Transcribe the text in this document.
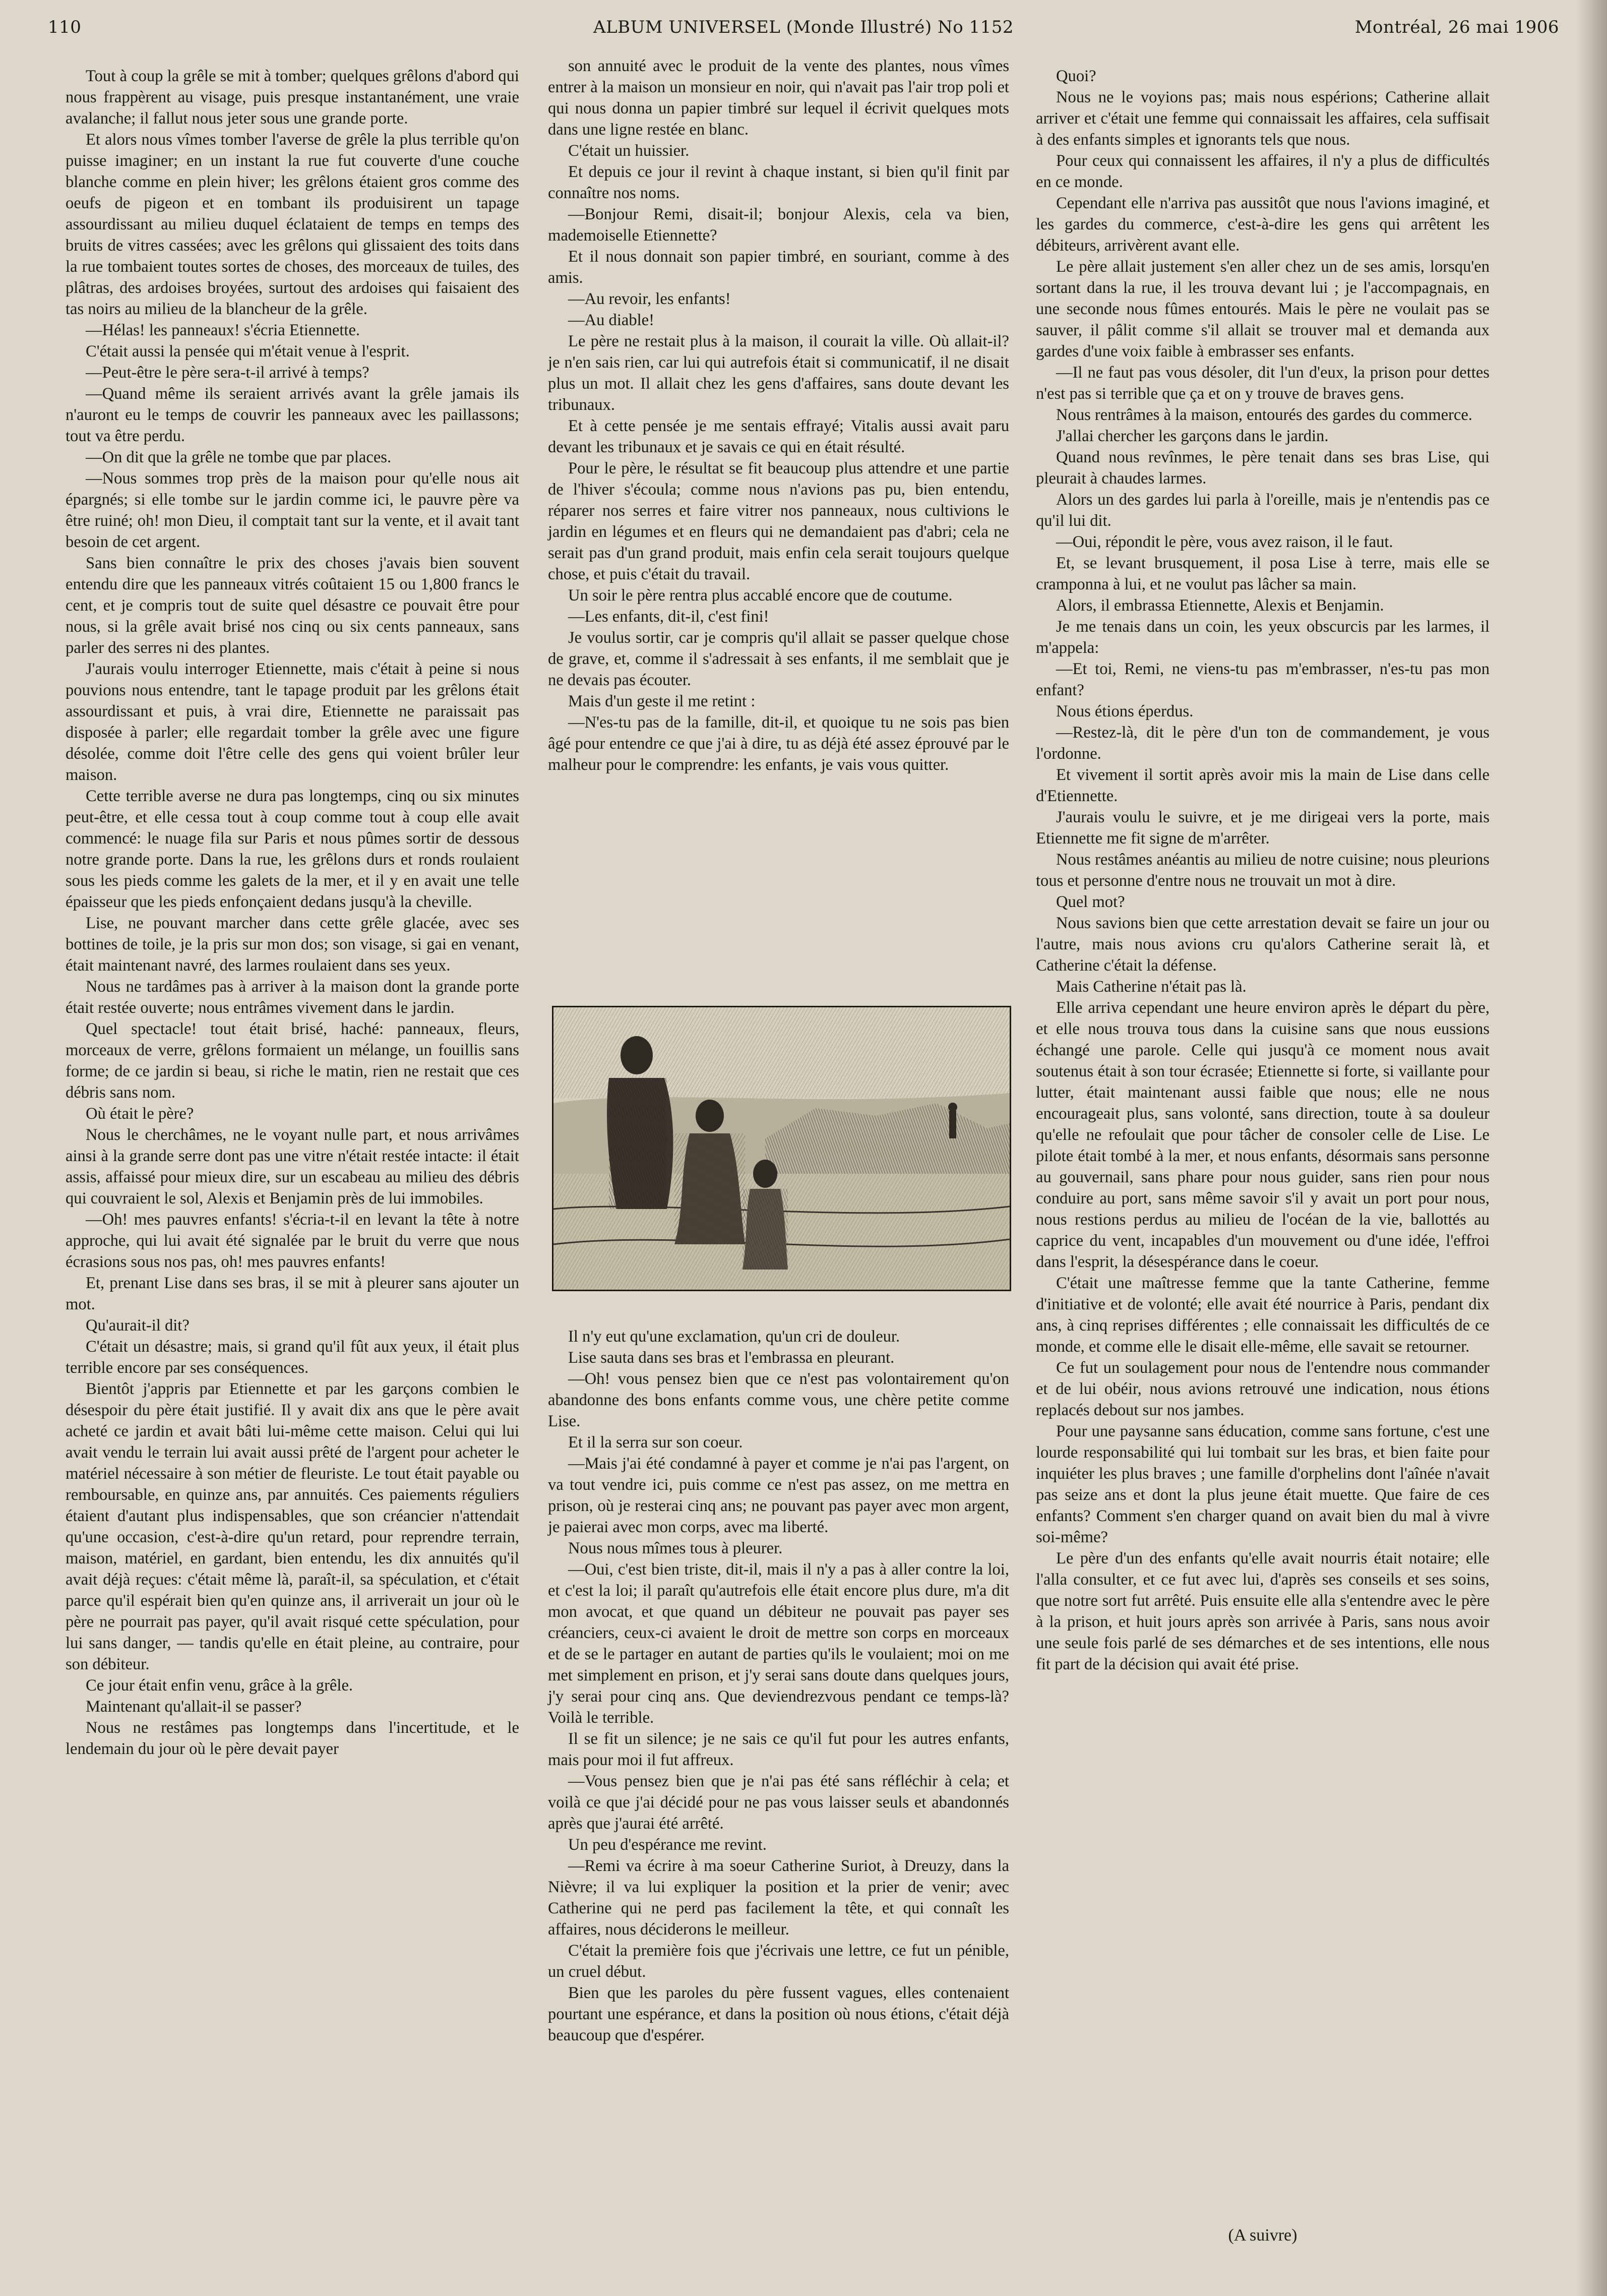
110	ALBUM UNIVERSEL (Monde Illustré) No 1152	Montréal, 26 mai 1906

Tout à coup la grêle se mit à tomber; quelques grêlons d'abord qui nous frappèrent au visage, puis presque instantanément, une vraie avalanche; il fallut nous jeter sous une grande porte.

Et alors nous vîmes tomber l'averse de grêle la plus terrible qu'on puisse imaginer; en un instant la rue fut couverte d'une couche blanche comme en plein hiver; les grêlons étaient gros comme des oeufs de pigeon et en tombant ils produisirent un tapage assourdissant au milieu duquel éclataient de temps en temps des bruits de vitres cassées; avec les grêlons qui glissaient des toits dans la rue tombaient toutes sortes de choses, des morceaux de tuiles, des plâtras, des ardoises broyées, surtout des ardoises qui faisaient des tas noirs au milieu de la blancheur de la grêle.

—Hélas! les panneaux! s'écria Etiennette.

C'était aussi la pensée qui m'était venue à l'esprit.

—Peut-être le père sera-t-il arrivé à temps?

—Quand même ils seraient arrivés avant la grêle jamais ils n'auront eu le temps de couvrir les panneaux avec les paillassons; tout va être perdu.

—On dit que la grêle ne tombe que par places.

—Nous sommes trop près de la maison pour qu'elle nous ait épargnés; si elle tombe sur le jardin comme ici, le pauvre père va être ruiné; oh! mon Dieu, il comptait tant sur la vente, et il avait tant besoin de cet argent.

Sans bien connaître le prix des choses j'avais bien souvent entendu dire que les panneaux vitrés coûtaient 15 ou 1,800 francs le cent, et je compris tout de suite quel désastre ce pouvait être pour nous, si la grêle avait brisé nos cinq ou six cents panneaux, sans parler des serres ni des plantes.

J'aurais voulu interroger Etiennette, mais c'était à peine si nous pouvions nous entendre, tant le tapage produit par les grêlons était assourdissant et puis, à vrai dire, Etiennette ne paraissait pas disposée à parler; elle regardait tomber la grêle avec une figure désolée, comme doit l'être celle des gens qui voient brûler leur maison.

Cette terrible averse ne dura pas longtemps, cinq ou six minutes peut-être, et elle cessa tout à coup comme tout à coup elle avait commencé: le nuage fila sur Paris et nous pûmes sortir de dessous notre grande porte. Dans la rue, les grêlons durs et ronds roulaient sous les pieds comme les galets de la mer, et il y en avait une telle épaisseur que les pieds enfonçaient dedans jusqu'à la cheville.

Lise, ne pouvant marcher dans cette grêle glacée, avec ses bottines de toile, je la pris sur mon dos; son visage, si gai en venant, était maintenant navré, des larmes roulaient dans ses yeux.

Nous ne tardâmes pas à arriver à la maison dont la grande porte était restée ouverte; nous entrâmes vivement dans le jardin.

Quel spectacle! tout était brisé, haché: panneaux, fleurs, morceaux de verre, grêlons formaient un mélange, un fouillis sans forme; de ce jardin si beau, si riche le matin, rien ne restait que ces débris sans nom.

Où était le père?

Nous le cherchâmes, ne le voyant nulle part, et nous arrivâmes ainsi à la grande serre dont pas une vitre n'était restée intacte: il était assis, affaissé pour mieux dire, sur un escabeau au milieu des débris qui couvraient le sol, Alexis et Benjamin près de lui immobiles.

—Oh! mes pauvres enfants! s'écria-t-il en levant la tête à notre approche, qui lui avait été signalée par le bruit du verre que nous écrasions sous nos pas, oh! mes pauvres enfants!

Et, prenant Lise dans ses bras, il se mit à pleurer sans ajouter un mot.

Qu'aurait-il dit?

C'était un désastre; mais, si grand qu'il fût aux yeux, il était plus terrible encore par ses conséquences.

Bientôt j'appris par Etiennette et par les garçons combien le désespoir du père était justifié. Il y avait dix ans que le père avait acheté ce jardin et avait bâti lui-même cette maison. Celui qui lui avait vendu le terrain lui avait aussi prêté de l'argent pour acheter le matériel nécessaire à son métier de fleuriste. Le tout était payable ou remboursable, en quinze ans, par annuités. Ces paiements réguliers étaient d'autant plus indispensables, que son créancier n'attendait qu'une occasion, c'est-à-dire qu'un retard, pour reprendre terrain, maison, matériel, en gardant, bien entendu, les dix annuités qu'il avait déjà reçues: c'était même là, paraît-il, sa spéculation, et c'était parce qu'il espérait bien qu'en quinze ans, il arriverait un jour où le père ne pourrait pas payer, qu'il avait risqué cette spéculation, pour lui sans danger, — tandis qu'elle en était pleine, au contraire, pour son débiteur.

Ce jour était enfin venu, grâce à la grêle.

Maintenant qu'allait-il se passer?

Nous ne restâmes pas longtemps dans l'incertitude, et le lendemain du jour où le père devait payer

son annuité avec le produit de la vente des plantes, nous vîmes entrer à la maison un monsieur en noir, qui n'avait pas l'air trop poli et qui nous donna un papier timbré sur lequel il écrivit quelques mots dans une ligne restée en blanc.

C'était un huissier.

Et depuis ce jour il revint à chaque instant, si bien qu'il finit par connaître nos noms.

—Bonjour Remi, disait-il; bonjour Alexis, cela va bien, mademoiselle Etiennette?

Et il nous donnait son papier timbré, en souriant, comme à des amis.

—Au revoir, les enfants!

—Au diable!

Le père ne restait plus à la maison, il courait la ville. Où allait-il? je n'en sais rien, car lui qui autrefois était si communicatif, il ne disait plus un mot. Il allait chez les gens d'affaires, sans doute devant les tribunaux.

Et à cette pensée je me sentais effrayé; Vitalis aussi avait paru devant les tribunaux et je savais ce qui en était résulté.

Pour le père, le résultat se fit beaucoup plus attendre et une partie de l'hiver s'écoula; comme nous n'avions pas pu, bien entendu, réparer nos serres et faire vitrer nos panneaux, nous cultivions le jardin en légumes et en fleurs qui ne demandaient pas d'abri; cela ne serait pas d'un grand produit, mais enfin cela serait toujours quelque chose, et puis c'était du travail.

Un soir le père rentra plus accablé encore que de coutume.

—Les enfants, dit-il, c'est fini!

Je voulus sortir, car je compris qu'il allait se passer quelque chose de grave, et, comme il s'adressait à ses enfants, il me semblait que je ne devais pas écouter.

Mais d'un geste il me retint :

—N'es-tu pas de la famille, dit-il, et quoique tu ne sois pas bien âgé pour entendre ce que j'ai à dire, tu as déjà été assez éprouvé par le malheur pour le comprendre: les enfants, je vais vous quitter.

Il n'y eut qu'une exclamation, qu'un cri de douleur.

Lise sauta dans ses bras et l'embrassa en pleurant.

—Oh! vous pensez bien que ce n'est pas volontairement qu'on abandonne des bons enfants comme vous, une chère petite comme Lise.

Et il la serra sur son coeur.

—Mais j'ai été condamné à payer et comme je n'ai pas l'argent, on va tout vendre ici, puis comme ce n'est pas assez, on me mettra en prison, où je resterai cinq ans; ne pouvant pas payer avec mon argent, je paierai avec mon corps, avec ma liberté.

Nous nous mîmes tous à pleurer.

—Oui, c'est bien triste, dit-il, mais il n'y a pas à aller contre la loi, et c'est la loi; il paraît qu'autrefois elle était encore plus dure, m'a dit mon avocat, et que quand un débiteur ne pouvait pas payer ses créanciers, ceux-ci avaient le droit de mettre son corps en morceaux et de se le partager en autant de parties qu'ils le voulaient; moi on me met simplement en prison, et j'y serai sans doute dans quelques jours, j'y serai pour cinq ans. Que deviendrezvous pendant ce temps-là? Voilà le terrible.

Il se fit un silence; je ne sais ce qu'il fut pour les autres enfants, mais pour moi il fut affreux.

—Vous pensez bien que je n'ai pas été sans réfléchir à cela; et voilà ce que j'ai décidé pour ne pas vous laisser seuls et abandonnés après que j'aurai été arrêté.

Un peu d'espérance me revint.

—Remi va écrire à ma soeur Catherine Suriot, à Dreuzy, dans la Nièvre; il va lui expliquer la position et la prier de venir; avec Catherine qui ne perd pas facilement la tête, et qui connaît les affaires, nous déciderons le meilleur.

C'était la première fois que j'écrivais une lettre, ce fut un pénible, un cruel début.

Bien que les paroles du père fussent vagues, elles contenaient pourtant une espérance, et dans la position où nous étions, c'était déjà beaucoup que d'espérer.

Quoi?

Nous ne le voyions pas; mais nous espérions; Catherine allait arriver et c'était une femme qui connaissait les affaires, cela suffisait à des enfants simples et ignorants tels que nous.

Pour ceux qui connaissent les affaires, il n'y a plus de difficultés en ce monde.

Cependant elle n'arriva pas aussitôt que nous l'avions imaginé, et les gardes du commerce, c'est-à-dire les gens qui arrêtent les débiteurs, arrivèrent avant elle.

Le père allait justement s'en aller chez un de ses amis, lorsqu'en sortant dans la rue, il les trouva devant lui ; je l'accompagnais, en une seconde nous fûmes entourés. Mais le père ne voulait pas se sauver, il pâlit comme s'il allait se trouver mal et demanda aux gardes d'une voix faible à embrasser ses enfants.

—Il ne faut pas vous désoler, dit l'un d'eux, la prison pour dettes n'est pas si terrible que ça et on y trouve de braves gens.

Nous rentrâmes à la maison, entourés des gardes du commerce.

J'allai chercher les garçons dans le jardin.

Quand nous revînmes, le père tenait dans ses bras Lise, qui pleurait à chaudes larmes.

Alors un des gardes lui parla à l'oreille, mais je n'entendis pas ce qu'il lui dit.

—Oui, répondit le père, vous avez raison, il le faut.

Et, se levant brusquement, il posa Lise à terre, mais elle se cramponna à lui, et ne voulut pas lâcher sa main.

Alors, il embrassa Etiennette, Alexis et Benjamin.

Je me tenais dans un coin, les yeux obscurcis par les larmes, il m'appela:

—Et toi, Remi, ne viens-tu pas m'embrasser, n'es-tu pas mon enfant?

Nous étions éperdus.

—Restez-là, dit le père d'un ton de commandement, je vous l'ordonne.

Et vivement il sortit après avoir mis la main de Lise dans celle d'Etiennette.

J'aurais voulu le suivre, et je me dirigeai vers la porte, mais Etiennette me fit signe de m'arrêter.

Nous restâmes anéantis au milieu de notre cuisine; nous pleurions tous et personne d'entre nous ne trouvait un mot à dire.

Quel mot?

Nous savions bien que cette arrestation devait se faire un jour ou l'autre, mais nous avions cru qu'alors Catherine serait là, et Catherine c'était la défense.

Mais Catherine n'était pas là.

Elle arriva cependant une heure environ après le départ du père, et elle nous trouva tous dans la cuisine sans que nous eussions échangé une parole. Celle qui jusqu'à ce moment nous avait soutenus était à son tour écrasée; Etiennette si forte, si vaillante pour lutter, était maintenant aussi faible que nous; elle ne nous encourageait plus, sans volonté, sans direction, toute à sa douleur qu'elle ne refoulait que pour tâcher de consoler celle de Lise. Le pilote était tombé à la mer, et nous enfants, désormais sans personne au gouvernail, sans phare pour nous guider, sans rien pour nous conduire au port, sans même savoir s'il y avait un port pour nous, nous restions perdus au milieu de l'océan de la vie, ballottés au caprice du vent, incapables d'un mouvement ou d'une idée, l'effroi dans l'esprit, la désespérance dans le coeur.

C'était une maîtresse femme que la tante Catherine, femme d'initiative et de volonté; elle avait été nourrice à Paris, pendant dix ans, à cinq reprises différentes ; elle connaissait les difficultés de ce monde, et comme elle le disait elle-même, elle savait se retourner.

Ce fut un soulagement pour nous de l'entendre nous commander et de lui obéir, nous avions retrouvé une indication, nous étions replacés debout sur nos jambes.

Pour une paysanne sans éducation, comme sans fortune, c'est une lourde responsabilité qui lui tombait sur les bras, et bien faite pour inquiéter les plus braves ; une famille d'orphelins dont l'aînée n'avait pas seize ans et dont la plus jeune était muette. Que faire de ces enfants? Comment s'en charger quand on avait bien du mal à vivre soi-même?

Le père d'un des enfants qu'elle avait nourris était notaire; elle l'alla consulter, et ce fut avec lui, d'après ses conseils et ses soins, que notre sort fut arrêté. Puis ensuite elle alla s'entendre avec le père à la prison, et huit jours après son arrivée à Paris, sans nous avoir une seule fois parlé de ses démarches et de ses intentions, elle nous fit part de la décision qui avait été prise.

(A suivre)
